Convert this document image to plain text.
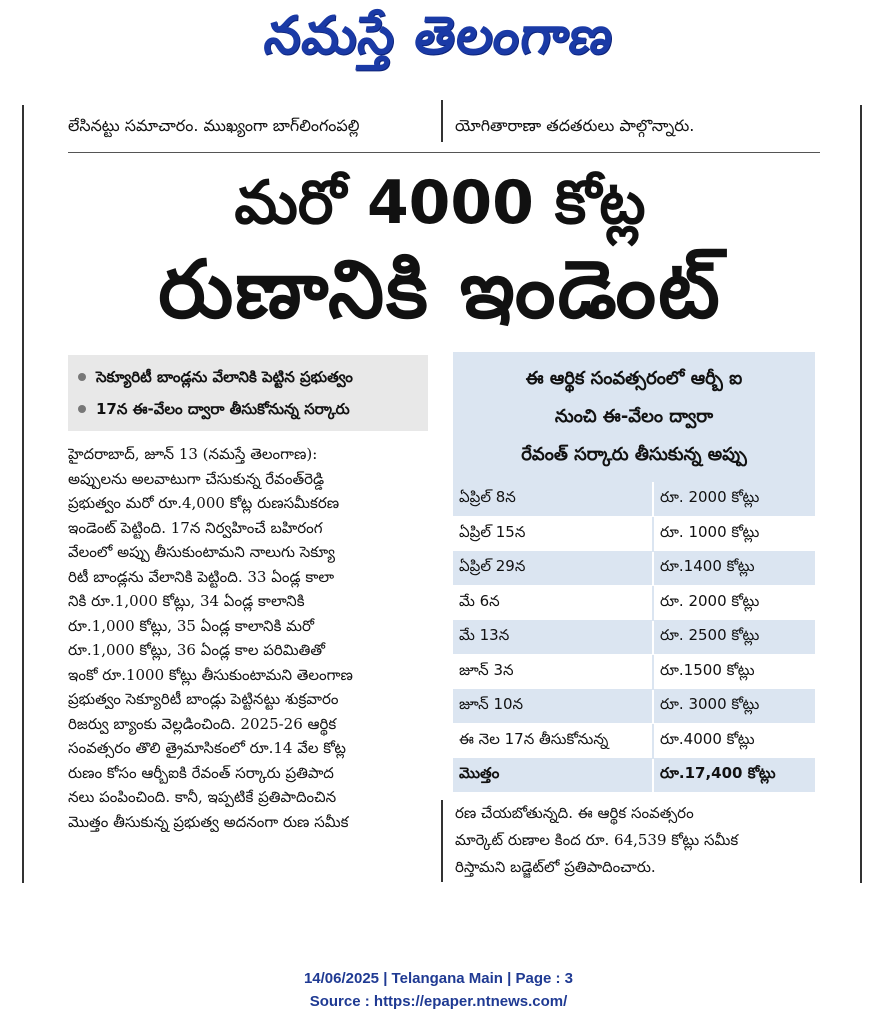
నమస్తే తెలంగాణ
లేసినట్టు సమాచారం. ముఖ్యంగా బాగ్‌లింగంపల్లి	యోగితారాణా తదతరులు పాల్గొన్నారు.
మరో 4000 కోట్ల
రుణానికి ఇండెంట్‌
సెక్యూరిటీ బాండ్లను వేలానికి పెట్టిన ప్రభుత్వం
17న ఈ-వేలం ద్వారా తీసుకోనున్న సర్కారు

హైదరాబాద్‌, జూన్‌ 13 (నమస్తే తెలంగాణ):

అప్పులను అలవాటుగా చేసుకున్న రేవంత్‌రెడ్డి

ప్రభుత్వం మరో రూ.4,000 కోట్ల రుణసమీకరణ

ఇండెంట్‌ పెట్టింది. 17న నిర్వహించే బహిరంగ

వేలంలో అప్పు తీసుకుంటామని నాలుగు సెక్యూ

రిటీ బాండ్లను వేలానికి పెట్టింది. 33 ఏండ్ల కాలా

నికి రూ.1,000 కోట్లు, 34 ఏండ్ల కాలానికి

రూ.1,000 కోట్లు, 35 ఏండ్ల కాలానికి మరో

రూ.1,000 కోట్లు, 36 ఏండ్ల కాల పరిమితితో

ఇంకో రూ.1000 కోట్లు తీసుకుంటామని తెలంగాణ

ప్రభుత్వం సెక్యూరిటీ బాండ్లు పెట్టినట్టు శుక్రవారం

రిజర్వు బ్యాంకు వెల్లడించింది. 2025-26 ఆర్థిక

సంవత్సరం తొలి త్రైమాసికంలో రూ.14 వేల కోట్ల

రుణం కోసం ఆర్బీఐకి రేవంత్‌ సర్కారు ప్రతిపాద

నలు పంపించింది. కానీ, ఇప్పటికే ప్రతిపాదించిన

మొత్తం తీసుకున్న ప్రభుత్వ అదనంగా రుణ సమీక

ఈ ఆర్థిక సంవత్సరంలో ఆర్బీ ఐ
నుంచి ఈ-వేలం ద్వారా
రేవంత్‌ సర్కారు తీసుకున్న అప్పు
ఏప్రిల్‌ 8న	రూ. 2000 కోట్లు
ఏప్రిల్‌ 15న	రూ. 1000 కోట్లు
ఏప్రిల్‌ 29న	రూ.1400 కోట్లు
మే 6న	రూ. 2000 కోట్లు
మే 13న	రూ. 2500 కోట్లు
జూన్‌ 3న	రూ.1500 కోట్లు
జూన్‌ 10న	రూ. 3000 కోట్లు
ఈ నెల 17న తీసుకోనున్న	రూ.4000 కోట్లు
మొత్తం	రూ.17,400 కోట్లు

రణ చేయబోతున్నది. ఈ ఆర్థిక సంవత్సరం

మార్కెట్‌ రుణాల కింద రూ. 64,539 కోట్లు సమీక

రిస్తామని బడ్జెట్‌లో ప్రతిపాదించారు.

14/06/2025 | Telangana Main | Page : 3
Source : https://epaper.ntnews.com/
